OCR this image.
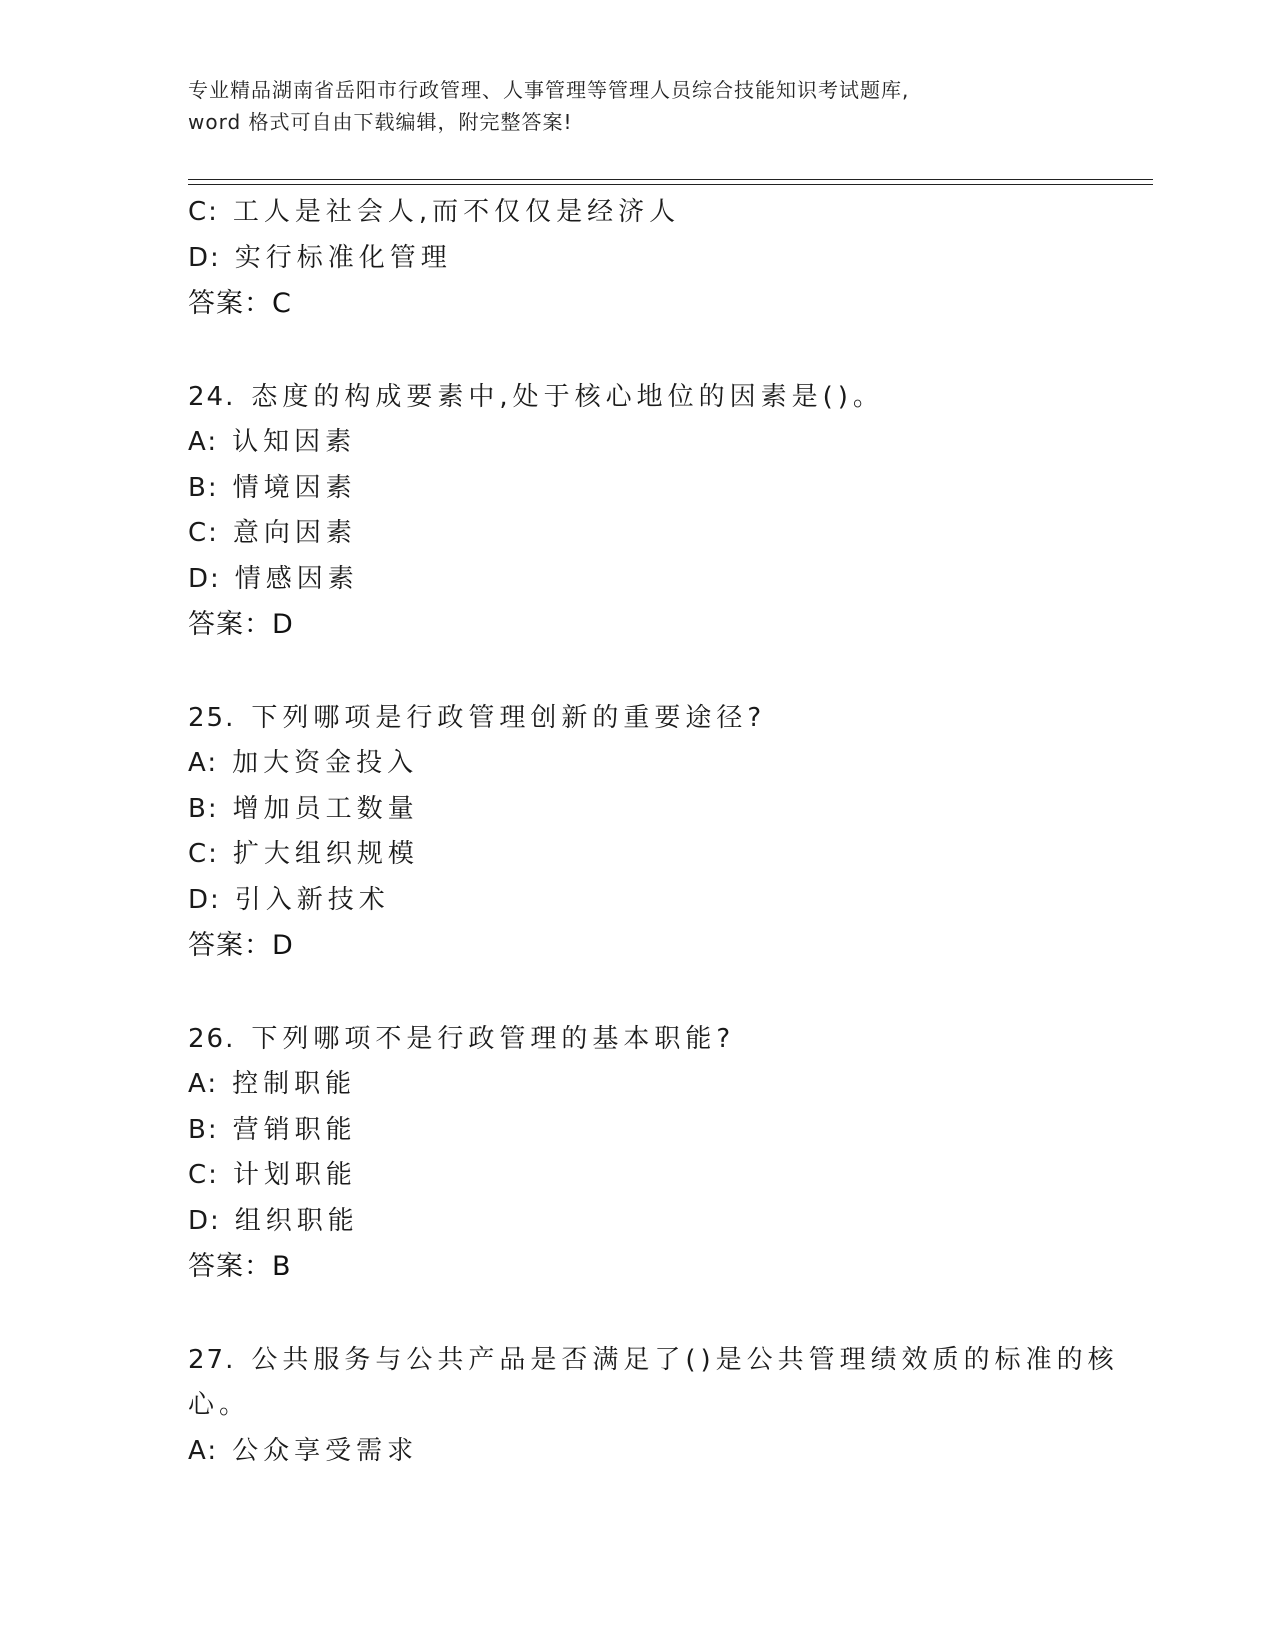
专业精品湖南省岳阳市行政管理、人事管理等管理人员综合技能知识考试题库,
word 格式可自由下载编辑，附完整答案!
C: 工人是社会人,而不仅仅是经济人
D: 实行标准化管理
答案：C
24. 态度的构成要素中,处于核心地位的因素是()。
A: 认知因素
B: 情境因素
C: 意向因素
D: 情感因素
答案：D
25. 下列哪项是行政管理创新的重要途径?
A: 加大资金投入
B: 增加员工数量
C: 扩大组织规模
D: 引入新技术
答案：D
26. 下列哪项不是行政管理的基本职能?
A: 控制职能
B: 营销职能
C: 计划职能
D: 组织职能
答案：B
27. 公共服务与公共产品是否满足了()是公共管理绩效质的标准的核
心。
A: 公众享受需求
